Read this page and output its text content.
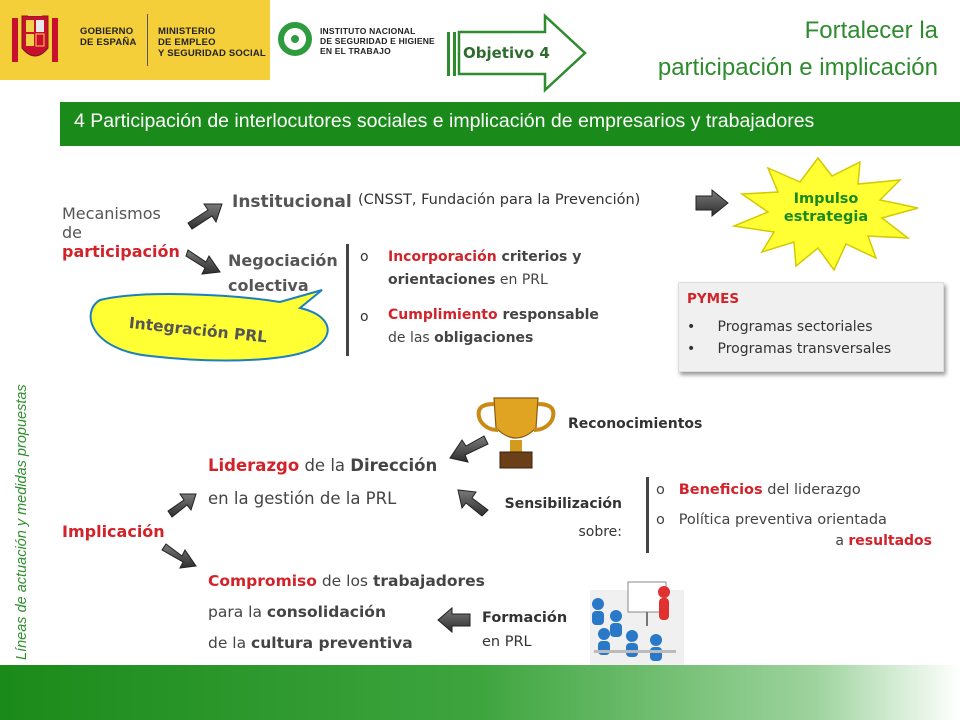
GOBIERNO
DE ESPAÑA
MINISTERIO
DE EMPLEO
Y SEGURIDAD SOCIAL
INSTITUTO NACIONAL
DE SEGURIDAD E HIGIENE
EN EL TRABAJO	Objetivo 4
Fortalecer la
participación e implicación
4 Participación de interlocutores sociales e implicación de empresarios y trabajadores
Líneas de actuación y medidas propuestas
Mecanismos
de
participación
Institucional (CNSST, Fundación para la Prevención)	Impulso
estrategia
Negociación
colectiva
o Incorporación criterios y
orientaciones en PRL
o Cumplimiento responsable
de las obligaciones
Integración PRL
PYMES
•     Programas sectoriales
•     Programas transversales
Implicación
Reconocimientos
Liderazgo de la Dirección
en la gestión de la PRL	Sensibilización
sobre:
o Beneficios del liderazgo
o Política preventiva orientada
a resultados
Compromiso de los trabajadores
para la consolidación
de la cultura preventiva
Formación
en PRL
